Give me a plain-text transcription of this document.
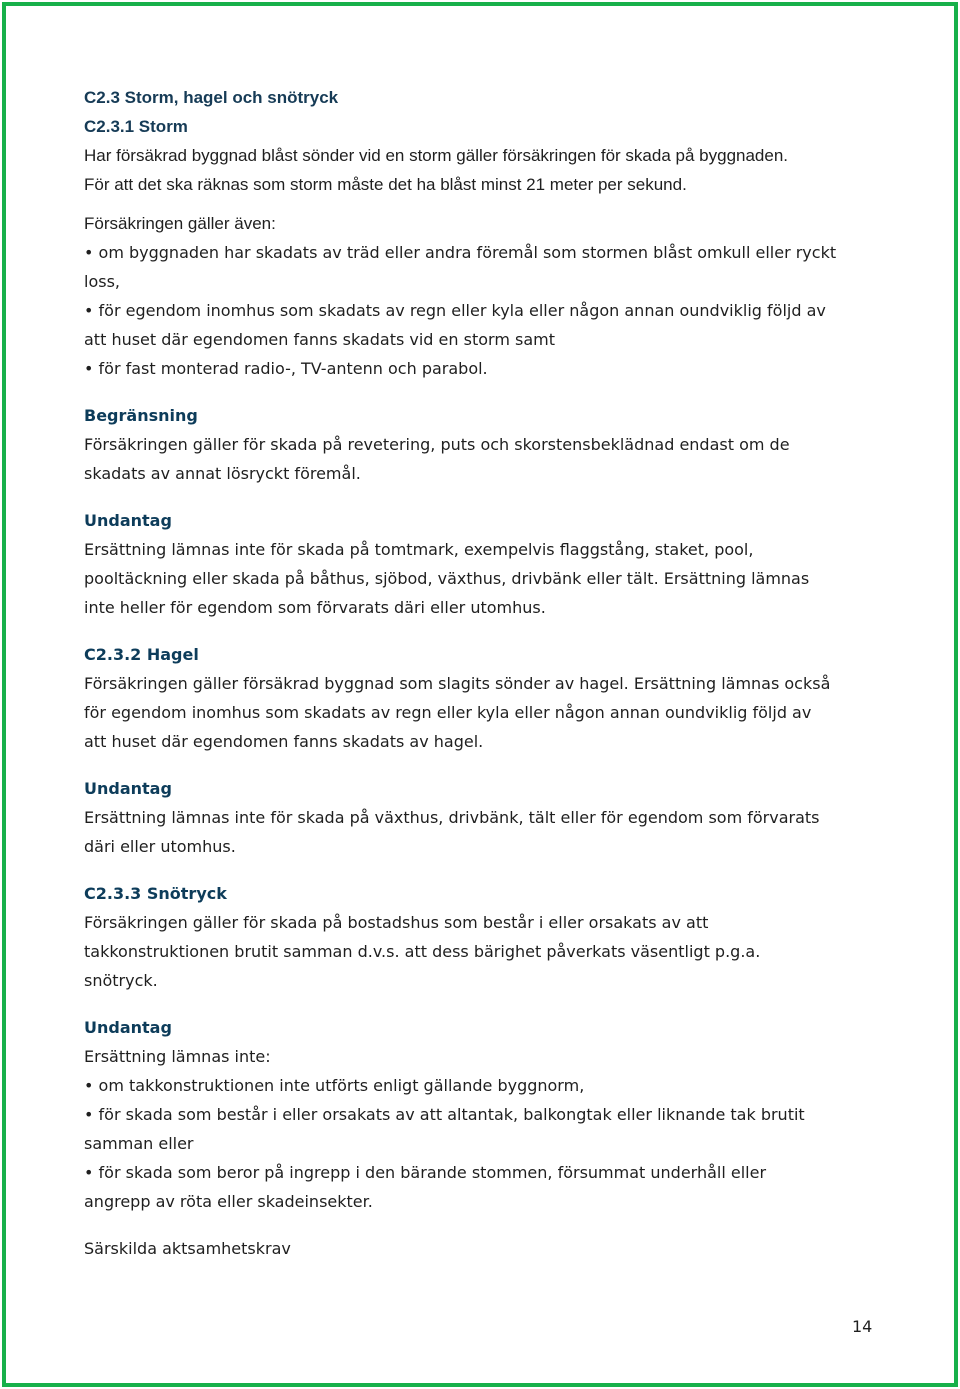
C2.3 Storm, hagel och snötryck

C2.3.1 Storm

Har försäkrad byggnad blåst sönder vid en storm gäller försäkringen för skada på byggnaden.

För att det ska räknas som storm måste det ha blåst minst 21 meter per sekund.

Försäkringen gäller även:

• om byggnaden har skadats av träd eller andra föremål som stormen blåst omkull eller ryckt

loss,

• för egendom inomhus som skadats av regn eller kyla eller någon annan oundviklig följd av

att huset där egendomen fanns skadats vid en storm samt

• för fast monterad radio-, TV-antenn och parabol.

Begränsning

Försäkringen gäller för skada på revetering, puts och skorstensbeklädnad endast om de

skadats av annat lösryckt föremål.

Undantag

Ersättning lämnas inte för skada på tomtmark, exempelvis flaggstång, staket, pool,

pooltäckning eller skada på båthus, sjöbod, växthus, drivbänk eller tält. Ersättning lämnas

inte heller för egendom som förvarats däri eller utomhus.

C2.3.2 Hagel

Försäkringen gäller försäkrad byggnad som slagits sönder av hagel. Ersättning lämnas också

för egendom inomhus som skadats av regn eller kyla eller någon annan oundviklig följd av

att huset där egendomen fanns skadats av hagel.

Undantag

Ersättning lämnas inte för skada på växthus, drivbänk, tält eller för egendom som förvarats

däri eller utomhus.

C2.3.3 Snötryck

Försäkringen gäller för skada på bostadshus som består i eller orsakats av att

takkonstruktionen brutit samman d.v.s. att dess bärighet påverkats väsentligt p.g.a.

snötryck.

Undantag

Ersättning lämnas inte:

• om takkonstruktionen inte utförts enligt gällande byggnorm,

• för skada som består i eller orsakats av att altantak, balkongtak eller liknande tak brutit

samman eller

• för skada som beror på ingrepp i den bärande stommen, försummat underhåll eller

angrepp av röta eller skadeinsekter.

Särskilda aktsamhetskrav

14
